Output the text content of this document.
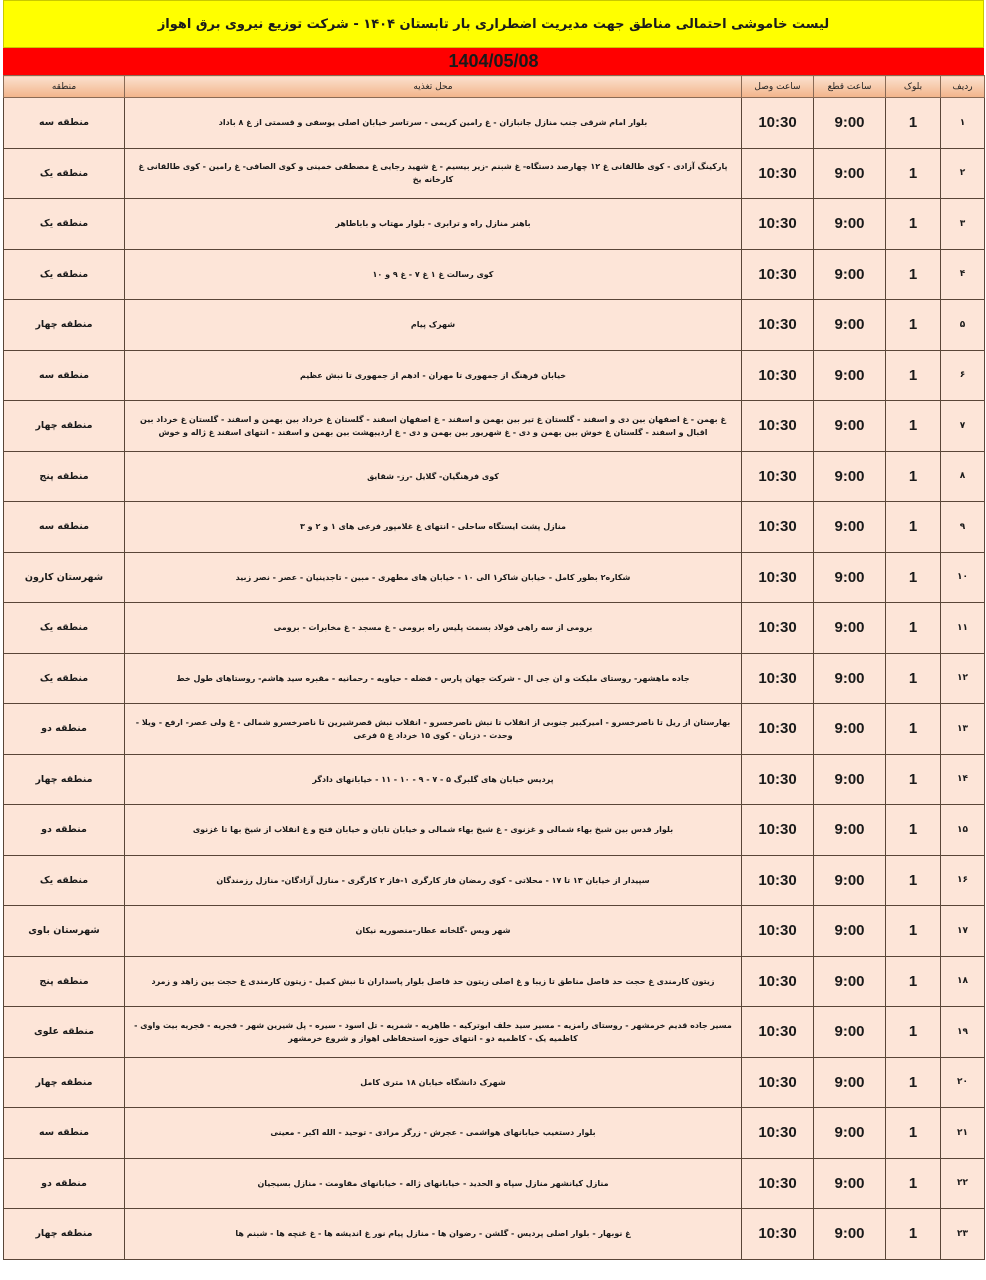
لیست خاموشی احتمالی مناطق جهت مدیریت اضطراری بار تابستان ۱۴۰۴ - شرکت توزیع نیروی برق اهواز
1404/05/08
ردیف	بلوک	ساعت قطع	ساعت وصل	محل تغذیه	منطقه
۱	1	9:00	10:30	بلوار امام شرقی جنب منازل جانبازان - غ رامین کریمی - سرتاسر خیابان اصلی یوسفی و قسمتی از غ ۸ باداد	منطقه سه
۲	1	9:00	10:30	پارکینگ آزادی - کوی طالقانی غ ۱۲ چهارصد دستگاه- غ شبنم -زیر بیسیم - غ شهید رجایی غ مصطفی خمینی و کوی الصافی- غ رامین - کوی طالقانی غ کارخانه یخ	منطقه یک
۳	1	9:00	10:30	باهنر منازل راه و ترابری - بلوار مهتاب و باباطاهر	منطقه یک
۴	1	9:00	10:30	کوی رسالت غ ۱ غ ۷ - غ ۹ و ۱۰	منطقه یک
۵	1	9:00	10:30	شهرک پیام	منطقه چهار
۶	1	9:00	10:30	خیابان فرهنگ از جمهوری تا مهران - ادهم از جمهوری تا نبش عظیم	منطقه سه
۷	1	9:00	10:30	غ بهمن - غ اصفهان بین دی و اسفند - گلستان غ تیر بین بهمن و اسفند - غ اصفهان اسفند - گلستان غ خرداد بین بهمن و اسفند - گلستان غ خرداد بین اقبال و اسفند - گلستان غ خوش بین بهمن و دی - غ شهریور بین بهمن و دی - غ اردیبهشت بین بهمن و اسفند - انتهای اسفند غ ژاله و خوش	منطقه چهار
۸	1	9:00	10:30	کوی فرهنگیان- گلایل -رز- شقایق	منطقه پنج
۹	1	9:00	10:30	منازل پشت ایستگاه ساحلی - انتهای غ غلامپور فرعی های ۱ و ۲ و ۳	منطقه سه
۱۰	1	9:00	10:30	شکاره۲ بطور کامل - خیابان شاکر۱ الی ۱۰ - خیابان های مطهری - مبین - تاجدینیان - عصر - نصر زبید	شهرستان کارون
۱۱	1	9:00	10:30	برومی از سه راهی فولاد بسمت پلیس راه برومی - غ مسجد - غ مخابرات - برومی	منطقه یک
۱۲	1	9:00	10:30	جاده ماهشهر- روستای ملیکت و ان جی ال - شرکت جهان پارس - فضله - حیاویه - رحمانیه - مقبره سید هاشم- روستاهای طول خط	منطقه یک
۱۳	1	9:00	10:30	بهارستان از ریل تا ناصرخسرو - امیرکبیر جنوبی از انقلاب تا نبش ناصرخسرو - انقلاب نبش قصرشیرین تا ناصرخسرو شمالی - غ ولی عصر- ارفع - ویلا - وحدت - دزبان - کوی ۱۵ خرداد غ ۵ فرعی	منطقه دو
۱۴	1	9:00	10:30	پردیس خیابان های گلبرگ ۵ - ۷ - ۹ - ۱۰ - ۱۱ - خیابانهای دادگر	منطقه چهار
۱۵	1	9:00	10:30	بلوار قدس بین شیخ بهاء شمالی و غزنوی - غ شیخ بهاء شمالی و خیابان تابان و خیابان فتح و غ انقلاب از شیخ بها تا غزنوی	منطقه دو
۱۶	1	9:00	10:30	سپیدار از خیابان ۱۳ تا ۱۷ - محلاتی - کوی رمضان فاز کارگری ۱-فاز ۲ کارگری - منازل آزادگان- منازل رزمندگان	منطقه یک
۱۷	1	9:00	10:30	شهر ویس -گلخانه عطار-منصوریه نیکان	شهرستان باوی
۱۸	1	9:00	10:30	زیتون کارمندی غ حجت حد فاصل مناطق تا زیبا و غ اصلی زیتون حد فاصل بلوار پاسداران تا نبش کمیل - زیتون کارمندی غ حجت بین زاهد و زمرد	منطقه پنج
۱۹	1	9:00	10:30	مسیر جاده قدیم خرمشهر - روستای رامزیه - مسیر سید خلف ابوترکیه - طاهریه - شمریه - تل اسود - سیره - پل شیرین شهر - فجریه - فجریه بیت واوی - کاظمیه یک - کاظمیه دو - انتهای حوزه استحفاظی اهواز و شروع خرمشهر	منطقه علوی
۲۰	1	9:00	10:30	شهرک دانشگاه خیابان ۱۸ متری کامل	منطقه چهار
۲۱	1	9:00	10:30	بلوار دستغیب خیابانهای هواشمی - عجرش - زرگر مرادی - توحید - الله اکبر - معینی	منطقه سه
۲۲	1	9:00	10:30	منازل کیانشهر منازل سپاه و الحدید - خیابانهای ژاله - خیابانهای مقاومت - منازل بسیجیان	منطقه دو
۲۳	1	9:00	10:30	غ نوبهار - بلوار اصلی پردیس - گلشن - رضوان ها - منازل پیام نور غ اندیشه ها - غ غنچه ها - شبنم ها	منطقه چهار
